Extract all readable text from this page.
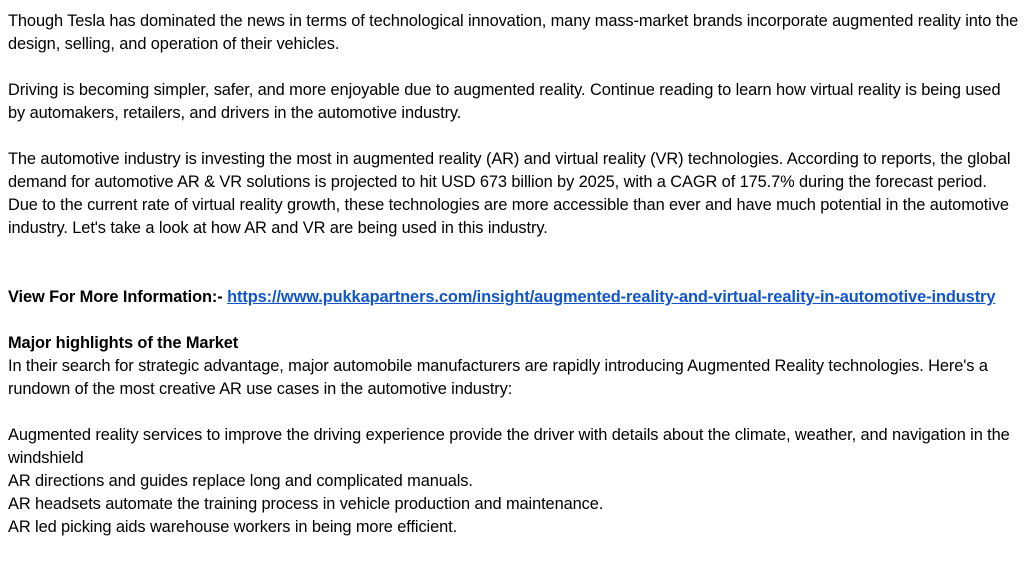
Though Tesla has dominated the news in terms of technological innovation, many mass-market brands incorporate augmented reality into the design, selling, and operation of their vehicles.

Driving is becoming simpler, safer, and more enjoyable due to augmented reality. Continue reading to learn how virtual reality is being used by automakers, retailers, and drivers in the automotive industry.

The automotive industry is investing the most in augmented reality (AR) and virtual reality (VR) technologies. According to reports, the global demand for automotive AR & VR solutions is projected to hit USD 673 billion by 2025, with a CAGR of 175.7% during the forecast period. Due to the current rate of virtual reality growth, these technologies are more accessible than ever and have much potential in the automotive industry. Let's take a look at how AR and VR are being used in this industry.

View For More Information:- https://www.pukkapartners.com/insight/augmented-reality-and-virtual-reality-in-automotive-industry

Major highlights of the Market

In their search for strategic advantage, major automobile manufacturers are rapidly introducing Augmented Reality technologies. Here's a rundown of the most creative AR use cases in the automotive industry:

Augmented reality services to improve the driving experience provide the driver with details about the climate, weather, and navigation in the windshield

AR directions and guides replace long and complicated manuals.

AR headsets automate the training process in vehicle production and maintenance.

AR led picking aids warehouse workers in being more efficient.
